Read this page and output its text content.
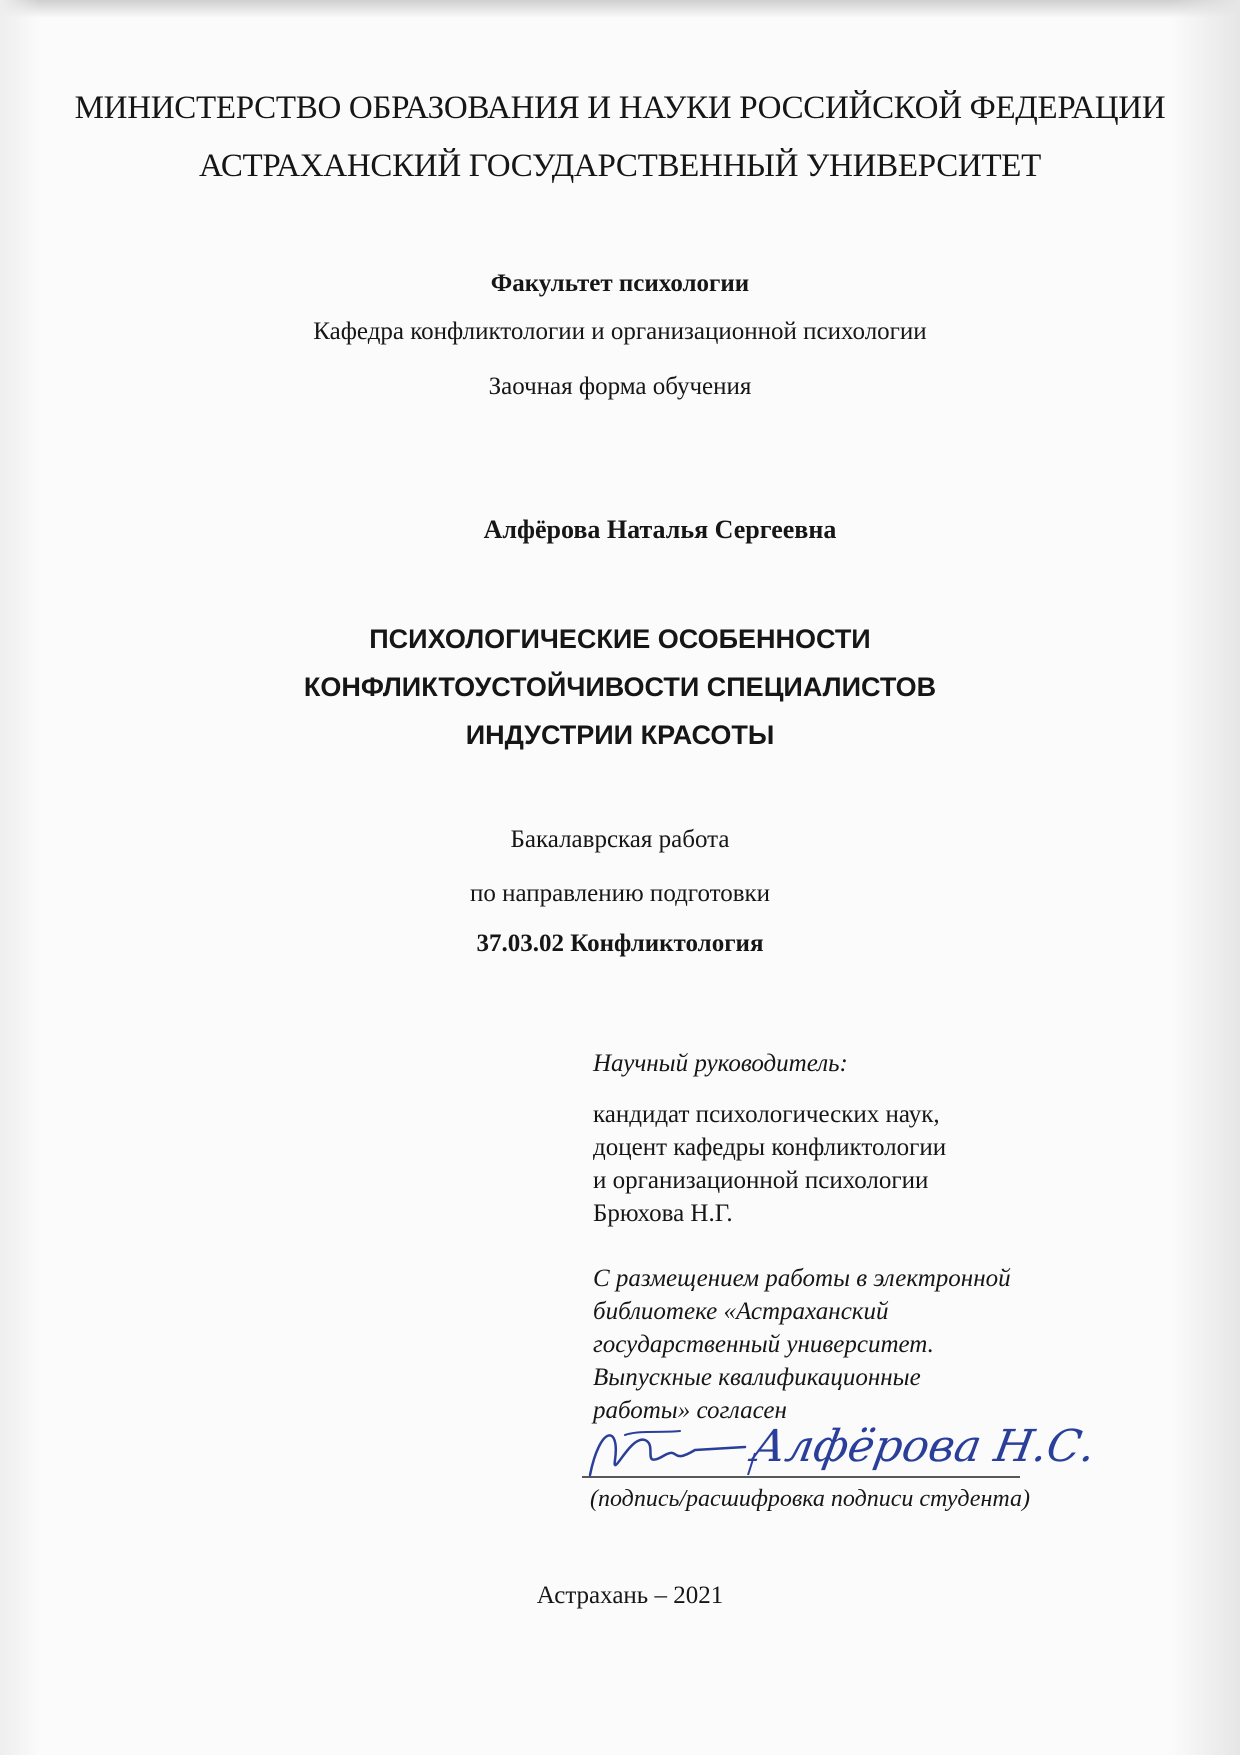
МИНИСТЕРСТВО ОБРАЗОВАНИЯ И НАУКИ РОССИЙСКОЙ ФЕДЕРАЦИИ
АСТРАХАНСКИЙ ГОСУДАРСТВЕННЫЙ УНИВЕРСИТЕТ
Факультет психологии
Кафедра конфликтологии и организационной психологии
Заочная форма обучения
Алфёрова Наталья Сергеевна
ПСИХОЛОГИЧЕСКИЕ ОСОБЕННОСТИ
КОНФЛИКТОУСТОЙЧИВОСТИ СПЕЦИАЛИСТОВ
ИНДУСТРИИ КРАСОТЫ
Бакалаврская работа
по направлению подготовки
37.03.02 Конфликтология
Научный руководитель:
кандидат психологических наук,
доцент кафедры конфликтологии
и организационной психологии
Брюхова Н.Г.
С размещением работы в электронной
библиотеке «Астраханский
государственный университет.
Выпускные квалификационные
работы» согласен
Алфёрова Н.С.
(подпись/расшифровка подписи студента)
Астрахань – 2021
